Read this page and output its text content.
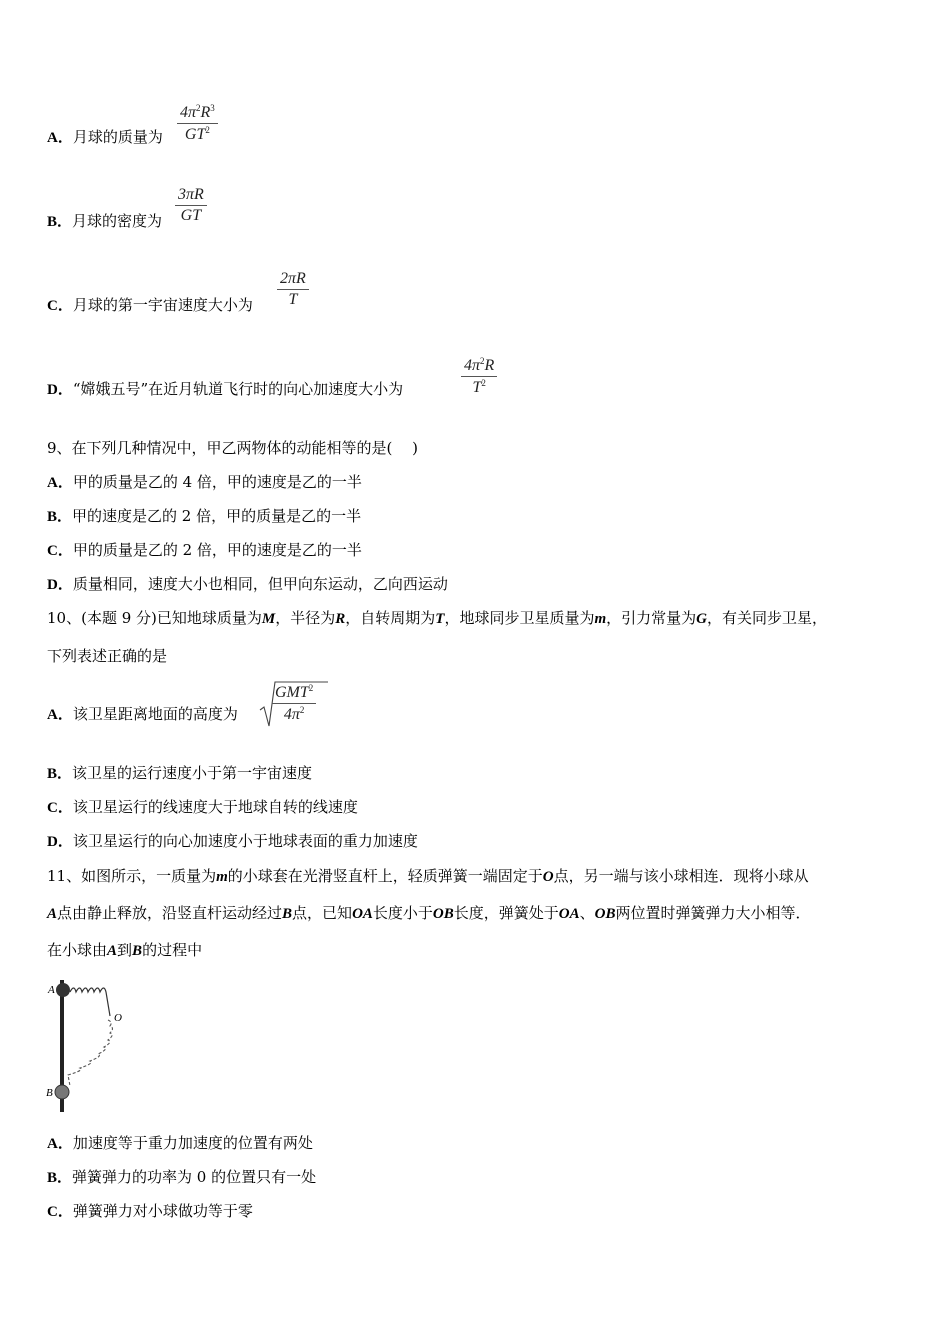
A．月球的质量为
$4\pi^2R^3$
$GT^2$
B．月球的密度为
3πR
GT
C．月球的第一宇宙速度大小为
2πR
T
D．“嫦娥五号”在近月轨道飞行时的向心加速度大小为
$4\pi^2R$
$T^2$
9、在下列几种情况中，甲乙两物体的动能相等的是(　 )
A．甲的质量是乙的 4 倍，甲的速度是乙的一半
B．甲的速度是乙的 2 倍，甲的质量是乙的一半
C．甲的质量是乙的 2 倍，甲的速度是乙的一半
D．质量相同，速度大小也相同，但甲向东运动，乙向西运动
10、(本题 9 分)已知地球质量为M，半径为R，自转周期为T，地球同步卫星质量为m，引力常量为G，有关同步卫星，
下列表述正确的是
A．该卫星距离地面的高度为
GMT$^2$
$4\pi^2$
B．该卫星的运行速度小于第一宇宙速度
C．该卫星运行的线速度大于地球自转的线速度
D．该卫星运行的向心加速度小于地球表面的重力加速度
11、如图所示，一质量为m的小球套在光滑竖直杆上，轻质弹簧一端固定于O点，另一端与该小球相连．现将小球从
A点由静止释放，沿竖直杆运动经过B点，已知OA长度小于OB长度，弹簧处于OA、OB两位置时弹簧弹力大小相等．
在小球由A到B的过程中
A
B
O
A．加速度等于重力加速度的位置有两处
B．弹簧弹力的功率为 0 的位置只有一处
C．弹簧弹力对小球做功等于零
